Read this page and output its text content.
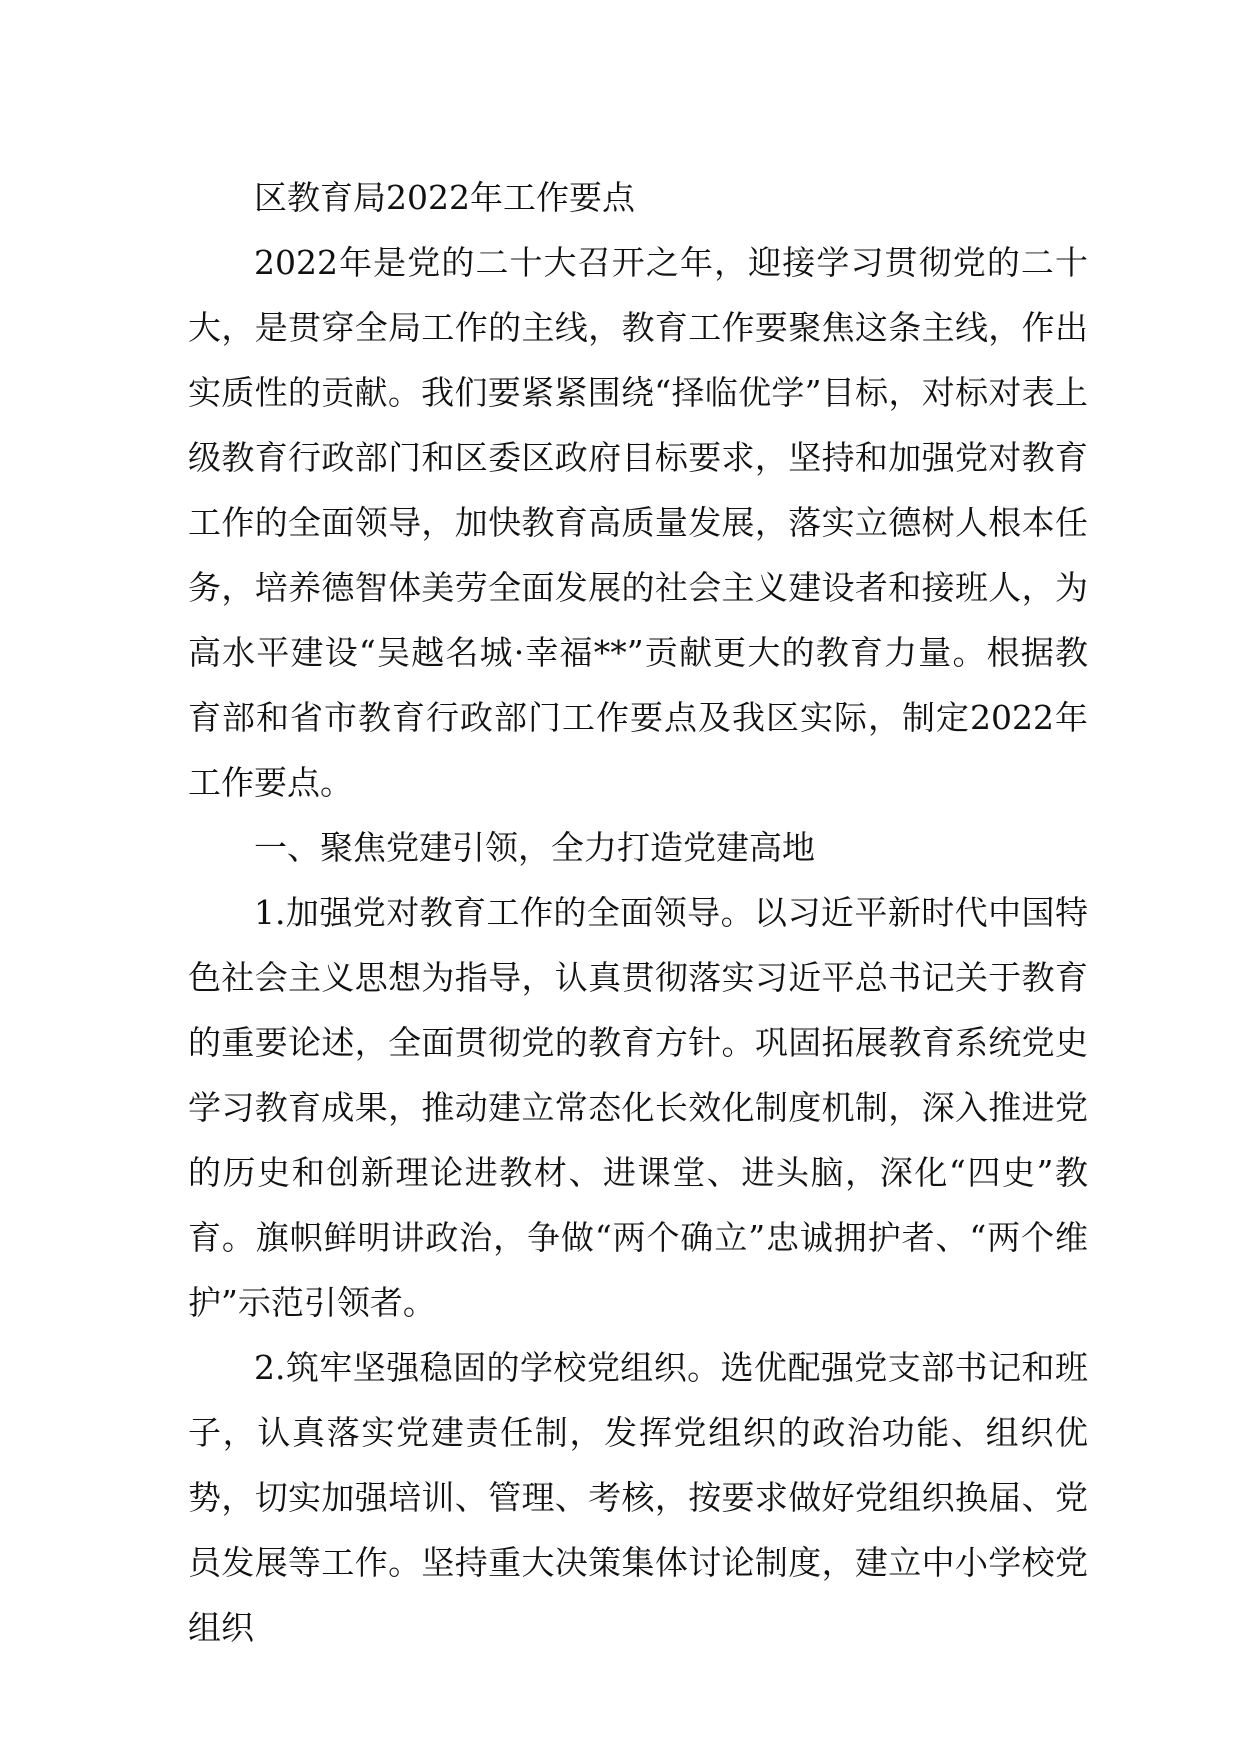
区教育局2022年工作要点

2022年是党的二十大召开之年，迎接学习贯彻党的二十大，是贯穿全局工作的主线，教育工作要聚焦这条主线，作出实质性的贡献。我们要紧紧围绕“择临优学”目标，对标对表上级教育行政部门和区委区政府目标要求，坚持和加强党对教育工作的全面领导，加快教育高质量发展，落实立德树人根本任务，培养德智体美劳全面发展的社会主义建设者和接班人，为高水平建设“吴越名城·幸福**”贡献更大的教育力量。根据教育部和省市教育行政部门工作要点及我区实际，制定2022年工作要点。

一、聚焦党建引领，全力打造党建高地

1.加强党对教育工作的全面领导。以习近平新时代中国特色社会主义思想为指导，认真贯彻落实习近平总书记关于教育的重要论述，全面贯彻党的教育方针。巩固拓展教育系统党史学习教育成果，推动建立常态化长效化制度机制，深入推进党的历史和创新理论进教材、进课堂、进头脑，深化“四史”教育。旗帜鲜明讲政治，争做“两个确立”忠诚拥护者、“两个维护”示范引领者。

2.筑牢坚强稳固的学校党组织。选优配强党支部书记和班子，认真落实党建责任制，发挥党组织的政治功能、组织优势，切实加强培训、管理、考核，按要求做好党组织换届、党员发展等工作。坚持重大决策集体讨论制度，建立中小学校党组织
